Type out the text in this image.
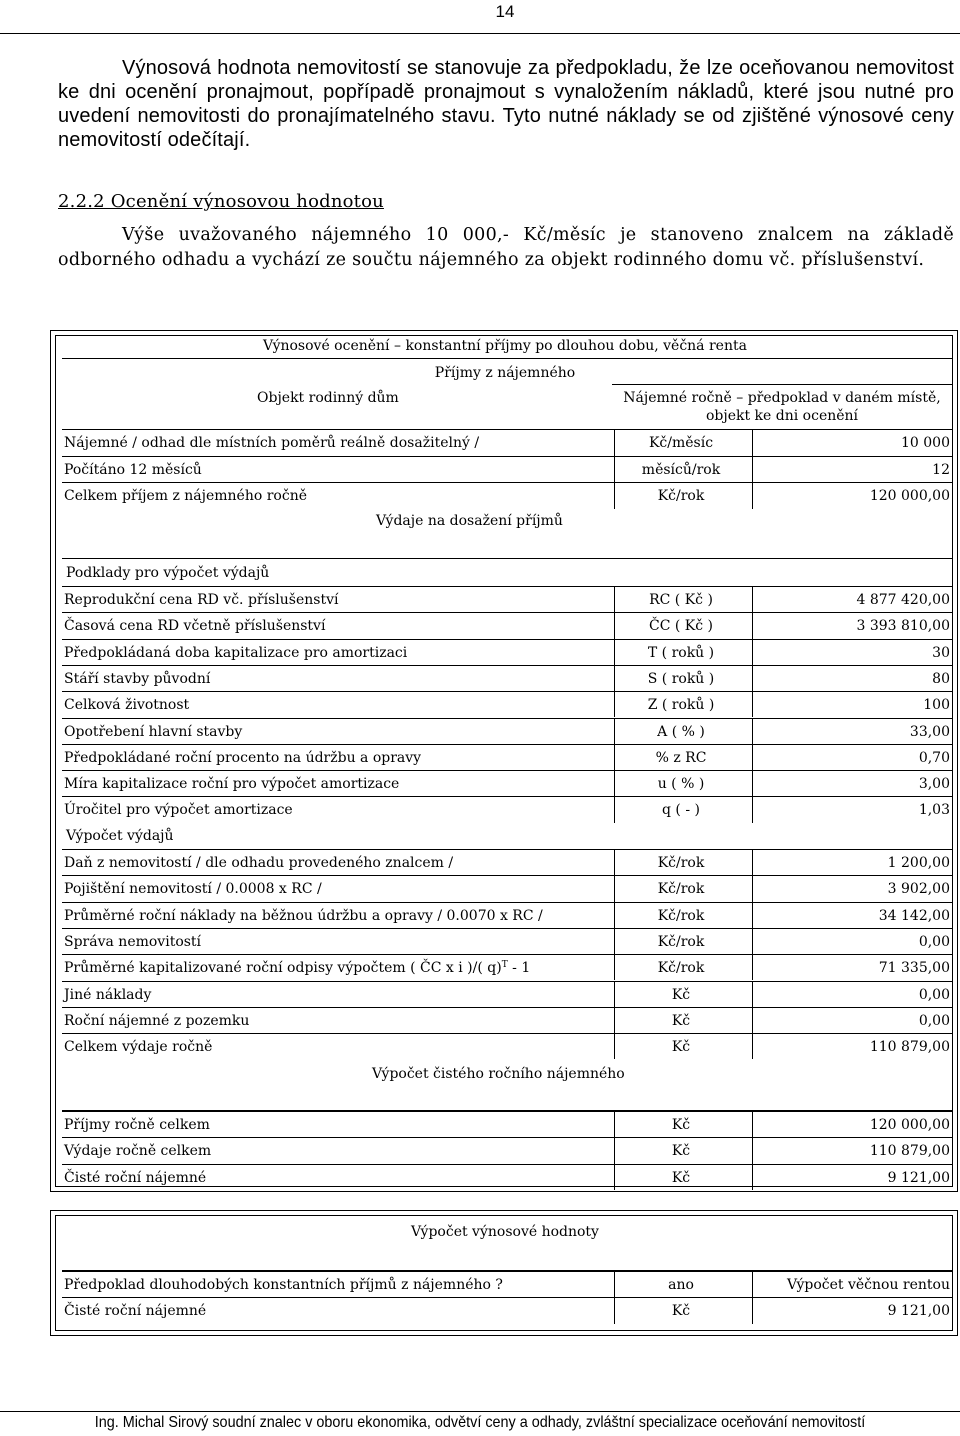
14
Výnosová hodnota nemovitostí se stanovuje za předpokladu, že lze oceňovanou nemovitost ke dni ocenění pronajmout, popřípadě pronajmout s vynaložením nákladů, které jsou nutné pro uvedení nemovitosti do pronajímatelného stavu. Tyto nutné náklady se od zjištěné výnosové ceny nemovitostí odečítají.
2.2.2 Ocenění výnosovou hodnotou
Výše uvažovaného nájemného 10 000,- Kč/měsíc je stanoveno znalcem na základě odborného odhadu a vychází ze součtu nájemného za objekt rodinného domu vč. příslušenství.
Výnosové ocenění – konstantní příjmy po dlouhou dobu, věčná renta
Příjmy z nájemného
Objekt rodinný dům	Nájemné ročně – předpoklad v daném místě,
objekt ke dni ocenění
Nájemné / odhad dle místních poměrů reálně dosažitelný /	Kč/měsíc	10 000
Počítáno 12 měsíců	měsíců/rok	12
Celkem příjem z nájemného ročně	Kč/rok	120 000,00
Výdaje na dosažení příjmů
Podklady pro výpočet výdajů
Reprodukční cena RD vč. příslušenství	RC ( Kč )	4 877 420,00
Časová cena RD včetně příslušenství	ČC ( Kč )	3 393 810,00
Předpokládaná doba kapitalizace pro amortizaci	T ( roků )	30
Stáří stavby původní	S ( roků )	80
Celková životnost	Z ( roků )	100
Opotřebení hlavní stavby	A ( % )	33,00
Předpokládané roční procento na údržbu a opravy	% z RC	0,70
Míra kapitalizace roční pro výpočet amortizace	u ( % )	3,00
Úročitel pro výpočet amortizace	q ( - )	1,03
Výpočet výdajů
Daň z nemovitostí / dle odhadu provedeného znalcem /	Kč/rok	1 200,00
Pojištění nemovitostí / 0.0008 x RC /	Kč/rok	3 902,00
Průměrné roční náklady na běžnou údržbu a opravy / 0.0070 x RC /	Kč/rok	34 142,00
Správa nemovitostí	Kč/rok	0,00
Průměrné kapitalizované roční odpisy výpočtem ( ČC x i )/( q)$^T$ - 1	Kč/rok	71 335,00
Jiné náklady	Kč	0,00
Roční nájemné z pozemku	Kč	0,00
Celkem výdaje ročně	Kč	110 879,00
Výpočet čistého ročního nájemného
Příjmy ročně celkem	Kč	120 000,00
Výdaje ročně celkem	Kč	110 879,00
Čisté roční nájemné	Kč	9 121,00
Výpočet výnosové hodnoty
Předpoklad dlouhodobých konstantních příjmů z nájemného ?	ano	Výpočet věčnou rentou
Čisté roční nájemné	Kč	9 121,00
Ing. Michal Sirový soudní znalec v oboru ekonomika, odvětví ceny a odhady, zvláštní specializace oceňování nemovitostí
